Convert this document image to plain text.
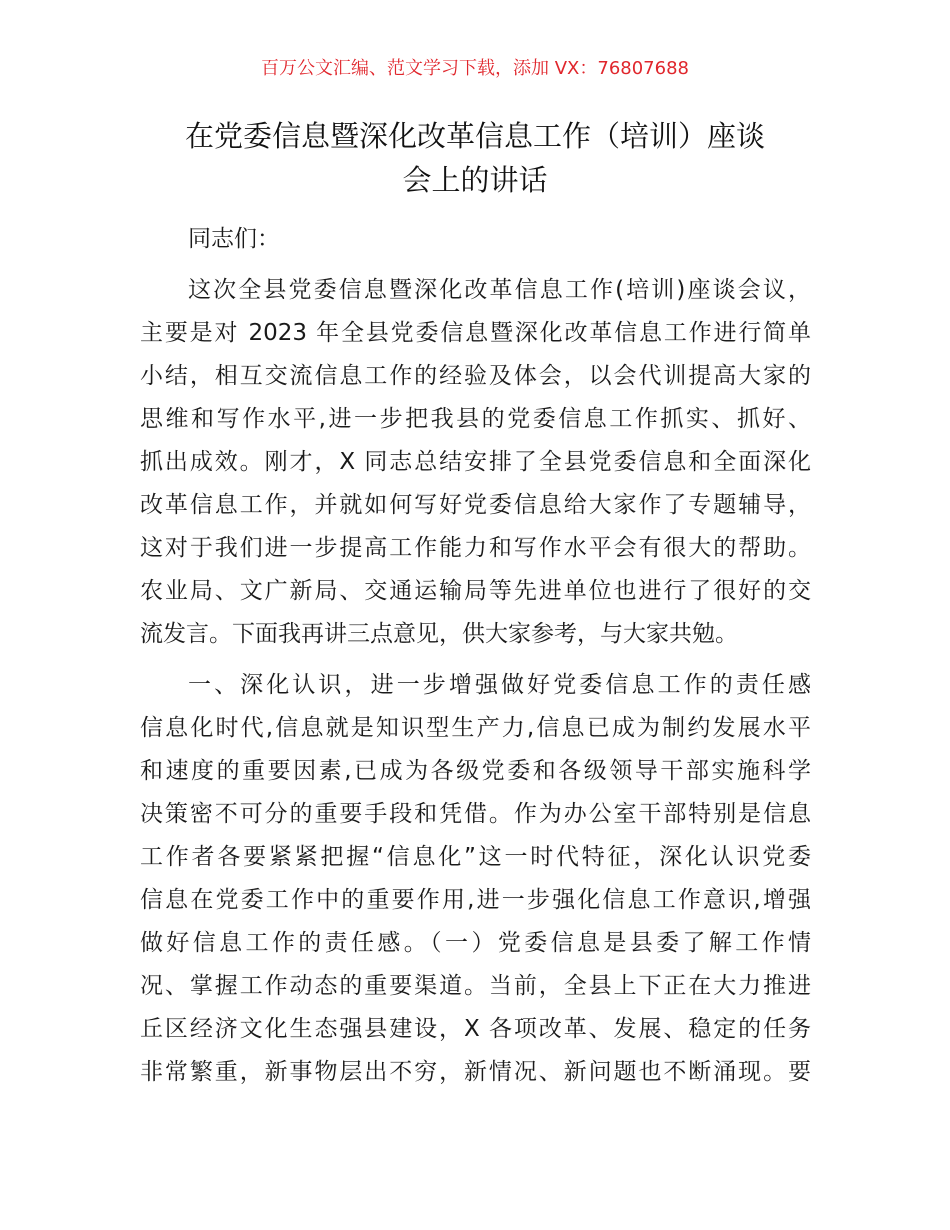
百万公文汇编、范文学习下载，添加 VX：76807688
在党委信息暨深化改革信息工作（培训）座谈
会上的讲话
同志们：
这次全县党委信息暨深化改革信息工作(培训)座谈会议，
主要是对 2023 年全县党委信息暨深化改革信息工作进行简单
小结，相互交流信息工作的经验及体会，以会代训提高大家的
思维和写作水平,进一步把我县的党委信息工作抓实、抓好、
抓出成效。刚才，X 同志总结安排了全县党委信息和全面深化
改革信息工作，并就如何写好党委信息给大家作了专题辅导，
这对于我们进一步提高工作能力和写作水平会有很大的帮助。
农业局、文广新局、交通运输局等先进单位也进行了很好的交
流发言。下面我再讲三点意见，供大家参考，与大家共勉。
一、深化认识，进一步增强做好党委信息工作的责任感
信息化时代,信息就是知识型生产力,信息已成为制约发展水平
和速度的重要因素,已成为各级党委和各级领导干部实施科学
决策密不可分的重要手段和凭借。作为办公室干部特别是信息
工作者各要紧紧把握“信息化”这一时代特征，深化认识党委
信息在党委工作中的重要作用,进一步强化信息工作意识,增强
做好信息工作的责任感。（一）党委信息是县委了解工作情
况、掌握工作动态的重要渠道。当前，全县上下正在大力推进
丘区经济文化生态强县建设，X 各项改革、发展、稳定的任务
非常繁重，新事物层出不穷，新情况、新问题也不断涌现。要
